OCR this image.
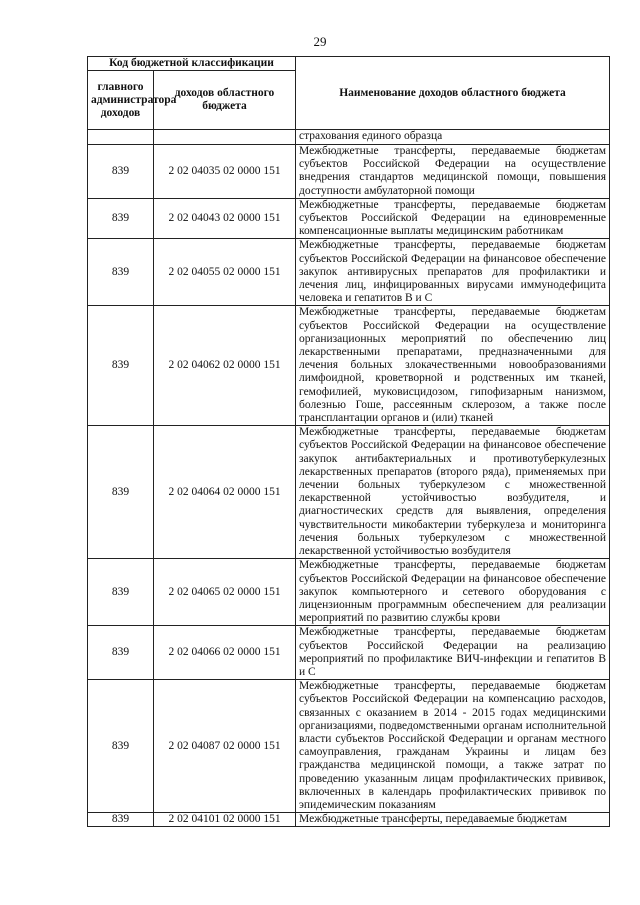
29
Код бюджетной классификации		Наименование доходов областного бюджета
главного администратора доходов	доходов областного бюджета	
		страхования единого образца
839	2 02 04035 02 0000 151	Межбюджетные трансферты, передаваемые бюджетам субъектов Российской Федерации на осуществление внедрения стандартов медицинской помощи, повышения доступности амбулаторной помощи
839	2 02 04043 02 0000 151	Межбюджетные трансферты, передаваемые бюджетам субъектов Российской Федерации на единовременные компенсационные выплаты медицинским работникам
839	2 02 04055 02 0000 151	Межбюджетные трансферты, передаваемые бюджетам субъектов Российской Федерации на финансовое обеспечение закупок антивирусных препаратов для профилактики и лечения лиц, инфицированных вирусами иммунодефицита человека и гепатитов В и С
839	2 02 04062 02 0000 151	Межбюджетные трансферты, передаваемые бюджетам субъектов Российской Федерации на осуществление организационных мероприятий по обеспечению лиц лекарственными препаратами, предназначенными для лечения больных злокачественными новообразованиями лимфоидной, кроветворной и родственных им тканей, гемофилией, муковисцидозом, гипофизарным нанизмом, болезнью Гоше, рассеянным склерозом, а также после трансплантации органов и (или) тканей
839	2 02 04064 02 0000 151	Межбюджетные трансферты, передаваемые бюджетам субъектов Российской Федерации на финансовое обеспечение закупок антибактериальных и противотуберкулезных лекарственных препаратов (второго ряда), применяемых при лечении больных туберкулезом с множественной лекарственной устойчивостью возбудителя, и диагностических средств для выявления, определения чувствительности микобактерии туберкулеза и мониторинга лечения больных туберкулезом с множественной лекарственной устойчивостью возбудителя
839	2 02 04065 02 0000 151	Межбюджетные трансферты, передаваемые бюджетам субъектов Российской Федерации на финансовое обеспечение закупок компьютерного и сетевого оборудования с лицензионным программным обеспечением для реализации мероприятий по развитию службы крови
839	2 02 04066 02 0000 151	Межбюджетные трансферты, передаваемые бюджетам субъектов Российской Федерации на реализацию мероприятий по профилактике ВИЧ-инфекции и гепатитов В и С
839	2 02 04087 02 0000 151	Межбюджетные трансферты, передаваемые бюджетам субъектов Российской Федерации на компенсацию расходов, связанных с оказанием в 2014 - 2015 годах медицинскими организациями, подведомственными органам исполнительной власти субъектов Российской Федерации и органам местного самоуправления, гражданам Украины и лицам без гражданства медицинской помощи, а также затрат по проведению указанным лицам профилактических прививок, включенных в календарь профилактических прививок по эпидемическим показаниям
839	2 02 04101 02 0000 151	Межбюджетные трансферты, передаваемые бюджетам
